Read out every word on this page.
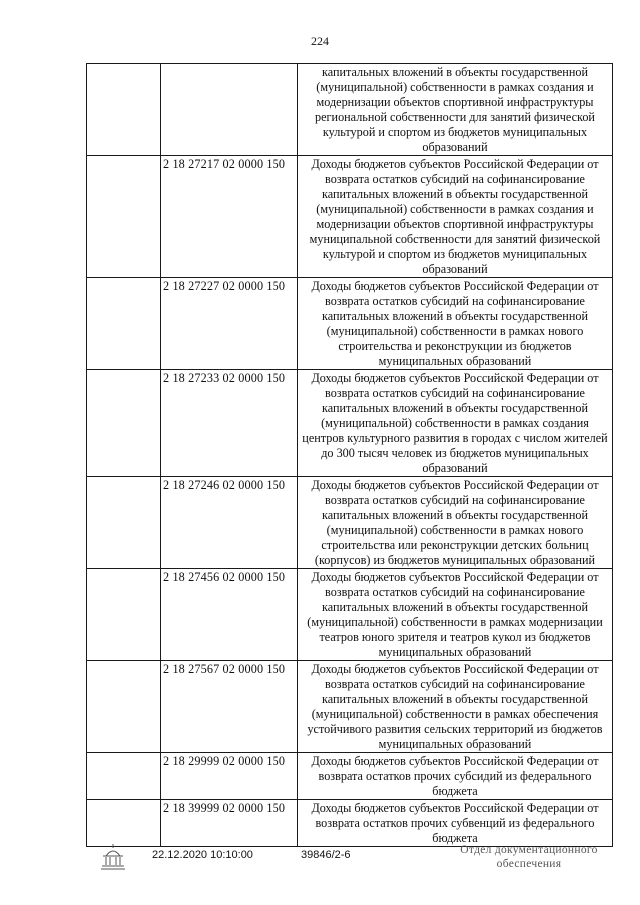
224
		капитальных вложений в объекты государственной (муниципальной) собственности в рамках создания и модернизации объектов спортивной инфраструктуры региональной собственности для занятий физической культурой и спортом из бюджетов муниципальных образований
	2 18 27217 02 0000 150	Доходы бюджетов субъектов Российской Федерации от возврата остатков субсидий на софинансирование капитальных вложений в объекты государственной (муниципальной) собственности в рамках создания и модернизации объектов спортивной инфраструктуры муниципальной собственности для занятий физической культурой и спортом из бюджетов муниципальных образований
	2 18 27227 02 0000 150	Доходы бюджетов субъектов Российской Федерации от возврата остатков субсидий на софинансирование капитальных вложений в объекты государственной (муниципальной) собственности в рамках нового строительства и реконструкции из бюджетов муниципальных образований
	2 18 27233 02 0000 150	Доходы бюджетов субъектов Российской Федерации от возврата остатков субсидий на софинансирование капитальных вложений в объекты государственной (муниципальной) собственности в рамках создания центров культурного развития в городах с числом жителей до 300 тысяч человек из бюджетов муниципальных образований
	2 18 27246 02 0000 150	Доходы бюджетов субъектов Российской Федерации от возврата остатков субсидий на софинансирование капитальных вложений в объекты государственной (муниципальной) собственности в рамках нового строительства или реконструкции детских больниц (корпусов) из бюджетов муниципальных образований
	2 18 27456 02 0000 150	Доходы бюджетов субъектов Российской Федерации от возврата остатков субсидий на софинансирование капитальных вложений в объекты государственной (муниципальной) собственности в рамках модернизации театров юного зрителя и театров кукол из бюджетов муниципальных образований
	2 18 27567 02 0000 150	Доходы бюджетов субъектов Российской Федерации от возврата остатков субсидий на софинансирование капитальных вложений в объекты государственной (муниципальной) собственности в рамках обеспечения устойчивого развития сельских территорий из бюджетов муниципальных образований
	2 18 29999 02 0000 150	Доходы бюджетов субъектов Российской Федерации от возврата остатков прочих субсидий из федерального бюджета
	2 18 39999 02 0000 150	Доходы бюджетов субъектов Российской Федерации от возврата остатков прочих субвенций из федерального бюджета
22.12.2020 10:10:00	39846/2-6	Отдел документационного
обеспечения
